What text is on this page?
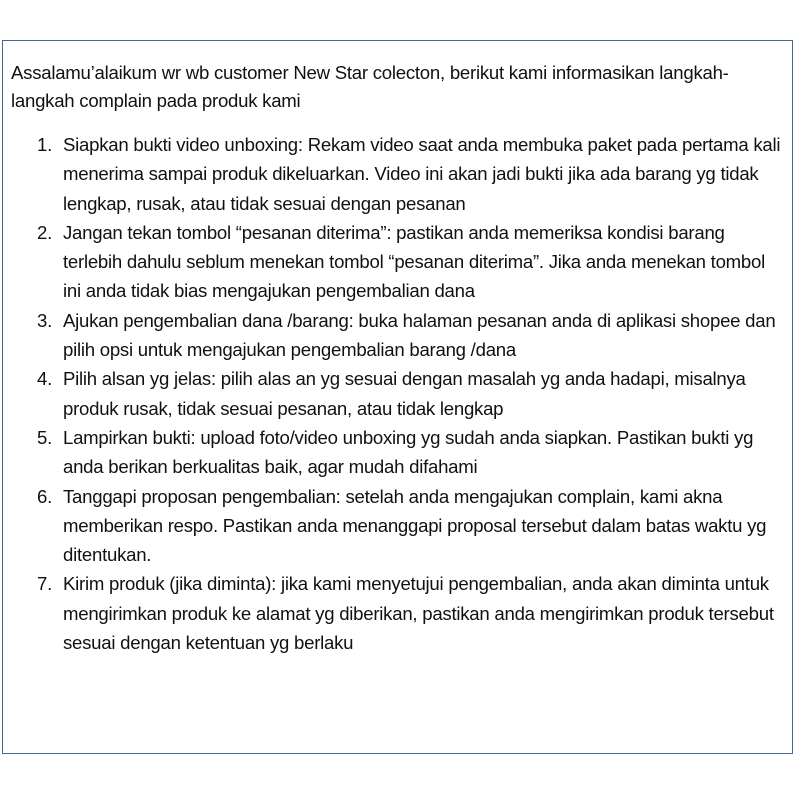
Assalamu’alaikum wr wb customer New Star colecton, berikut kami informasikan langkah-langkah complain pada produk kami

1. Siapkan bukti video unboxing: Rekam video saat anda membuka paket pada pertama kali menerima sampai produk dikeluarkan. Video ini akan jadi bukti jika ada barang yg tidak lengkap, rusak, atau tidak sesuai dengan pesanan
2. Jangan tekan tombol “pesanan diterima”: pastikan anda memeriksa kondisi barang terlebih dahulu seblum menekan tombol “pesanan diterima”. Jika anda menekan tombol ini anda tidak bias mengajukan pengembalian dana
3. Ajukan pengembalian dana /barang: buka halaman pesanan anda di aplikasi shopee dan pilih opsi untuk mengajukan pengembalian barang /dana
4. Pilih alsan yg jelas: pilih alas an yg sesuai dengan masalah yg anda hadapi, misalnya produk rusak, tidak sesuai pesanan, atau tidak lengkap
5. Lampirkan bukti: upload foto/video unboxing yg sudah anda siapkan. Pastikan bukti yg anda berikan berkualitas baik, agar mudah difahami
6. Tanggapi proposan pengembalian: setelah anda mengajukan complain, kami akna memberikan respo. Pastikan anda menanggapi proposal tersebut dalam batas waktu yg ditentukan.
7. Kirim produk (jika diminta): jika kami menyetujui pengembalian, anda akan diminta untuk mengirimkan produk ke alamat yg diberikan, pastikan anda mengirimkan produk tersebut sesuai dengan ketentuan yg berlaku
